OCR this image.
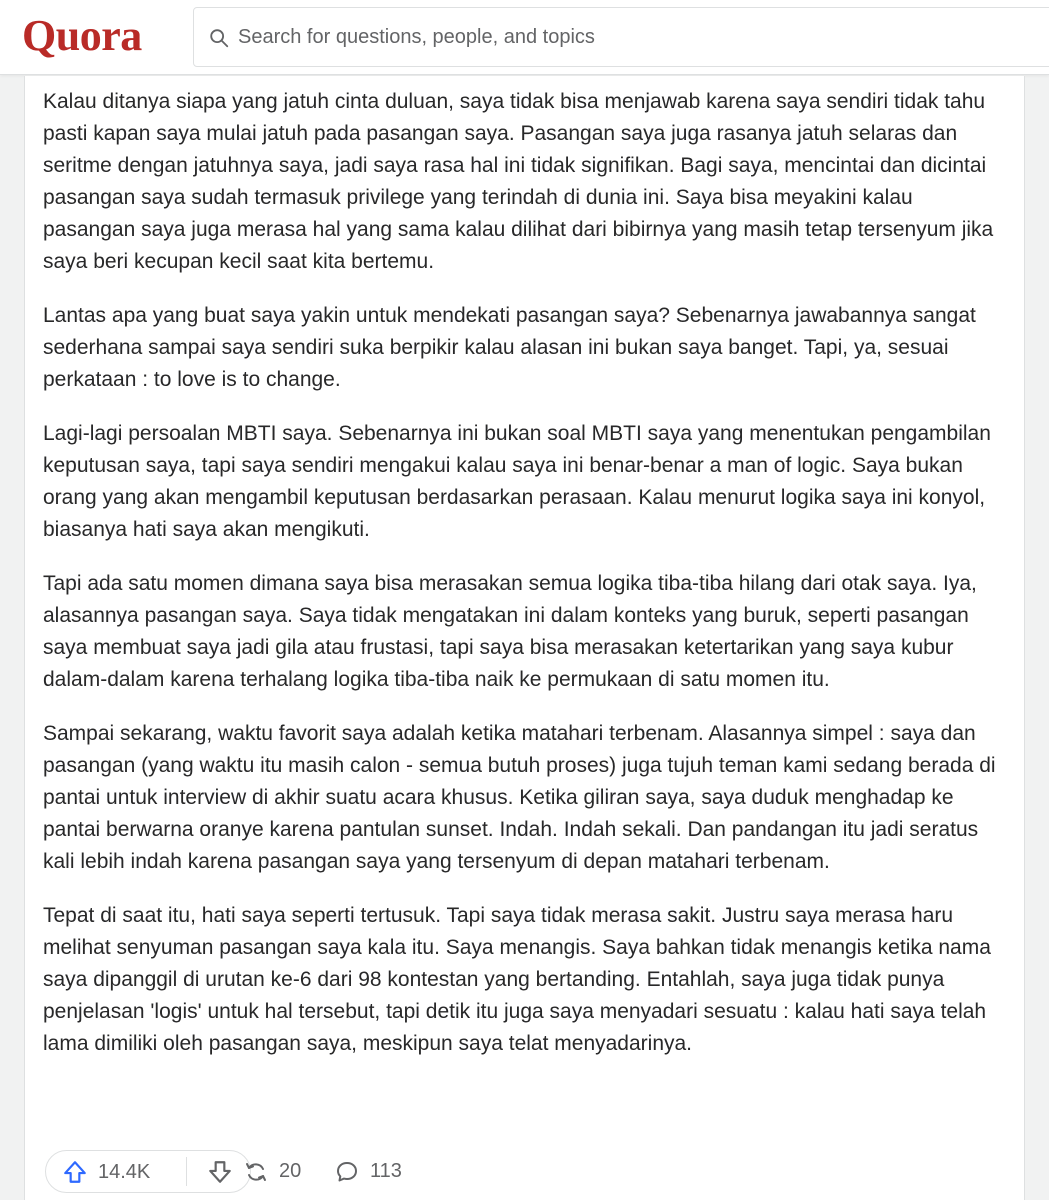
Quora
Search for questions, people, and topics

Kalau ditanya siapa yang jatuh cinta duluan, saya tidak bisa menjawab karena saya sendiri tidak tahu pasti kapan saya mulai jatuh pada pasangan saya. Pasangan saya juga rasanya jatuh selaras dan seritme dengan jatuhnya saya, jadi saya rasa hal ini tidak signifikan. Bagi saya, mencintai dan dicintai pasangan saya sudah termasuk privilege yang terindah di dunia ini. Saya bisa meyakini kalau pasangan saya juga merasa hal yang sama kalau dilihat dari bibirnya yang masih tetap tersenyum jika saya beri kecupan kecil saat kita bertemu.

Lantas apa yang buat saya yakin untuk mendekati pasangan saya? Sebenarnya jawabannya sangat sederhana sampai saya sendiri suka berpikir kalau alasan ini bukan saya banget. Tapi, ya, sesuai perkataan : to love is to change.

Lagi-lagi persoalan MBTI saya. Sebenarnya ini bukan soal MBTI saya yang menentukan pengambilan keputusan saya, tapi saya sendiri mengakui kalau saya ini benar-benar a man of logic. Saya bukan orang yang akan mengambil keputusan berdasarkan perasaan. Kalau menurut logika saya ini konyol, biasanya hati saya akan mengikuti.

Tapi ada satu momen dimana saya bisa merasakan semua logika tiba-tiba hilang dari otak saya. Iya, alasannya pasangan saya. Saya tidak mengatakan ini dalam konteks yang buruk, seperti pasangan saya membuat saya jadi gila atau frustasi, tapi saya bisa merasakan ketertarikan yang saya kubur dalam-dalam karena terhalang logika tiba-tiba naik ke permukaan di satu momen itu.

Sampai sekarang, waktu favorit saya adalah ketika matahari terbenam. Alasannya simpel : saya dan pasangan (yang waktu itu masih calon - semua butuh proses) juga tujuh teman kami sedang berada di pantai untuk interview di akhir suatu acara khusus. Ketika giliran saya, saya duduk menghadap ke pantai berwarna oranye karena pantulan sunset. Indah. Indah sekali. Dan pandangan itu jadi seratus kali lebih indah karena pasangan saya yang tersenyum di depan matahari terbenam.

Tepat di saat itu, hati saya seperti tertusuk. Tapi saya tidak merasa sakit. Justru saya merasa haru melihat senyuman pasangan saya kala itu. Saya menangis. Saya bahkan tidak menangis ketika nama saya dipanggil di urutan ke-6 dari 98 kontestan yang bertanding. Entahlah, saya juga tidak punya penjelasan 'logis' untuk hal tersebut, tapi detik itu juga saya menyadari sesuatu : kalau hati saya telah lama dimiliki oleh pasangan saya, meskipun saya telat menyadarinya.

14.4K	20	113
